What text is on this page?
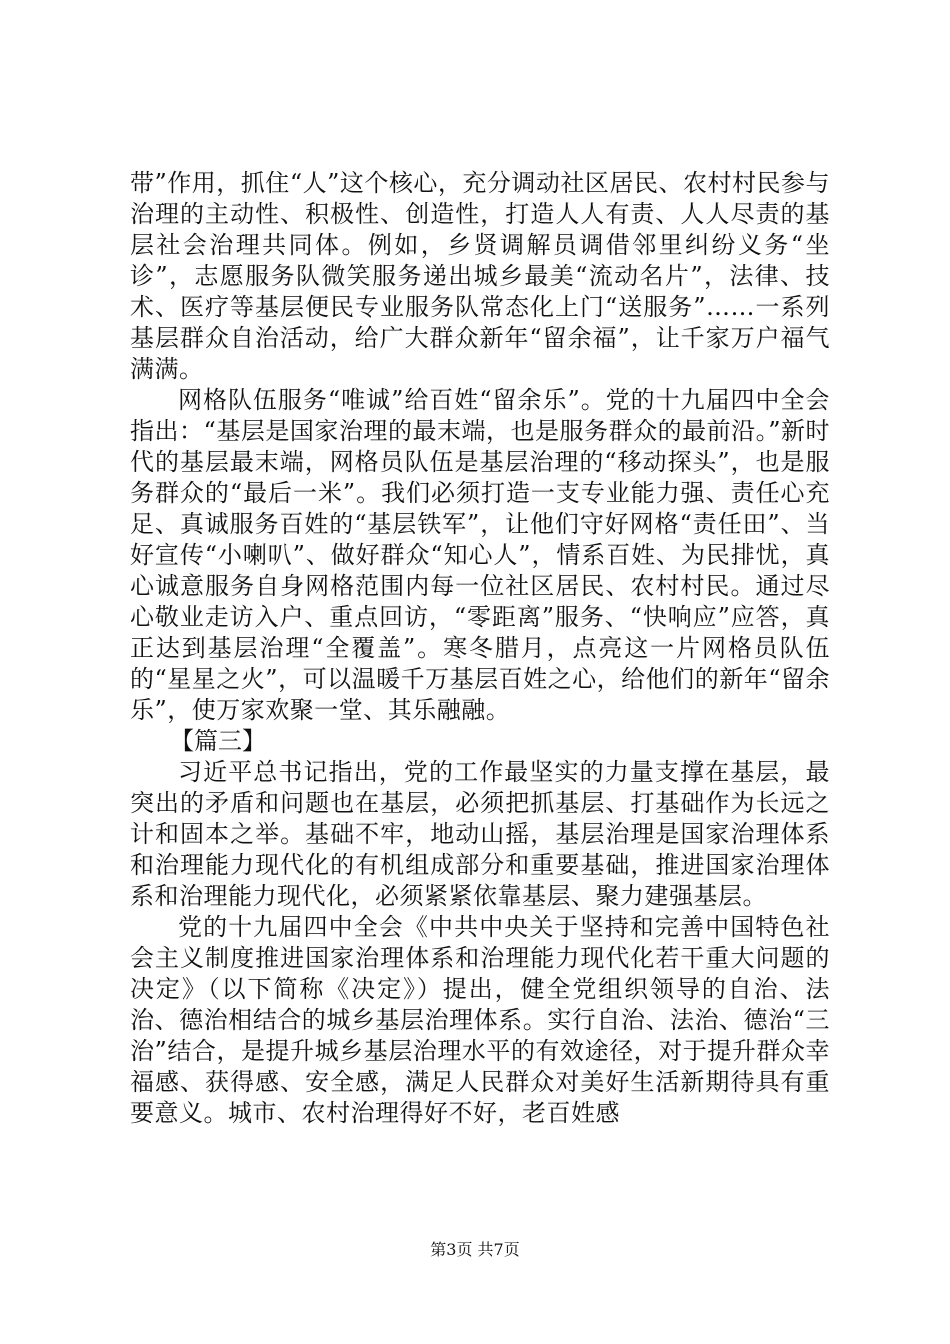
带”作用，抓住“人”这个核心，充分调动社区居民、农村村民参与治理的主动性、积极性、创造性，打造人人有责、人人尽责的基层社会治理共同体。例如，乡贤调解员调借邻里纠纷义务“坐诊”，志愿服务队微笑服务递出城乡最美“流动名片”，法律、技术、医疗等基层便民专业服务队常态化上门“送服务”……一系列基层群众自治活动，给广大群众新年“留余福”，让千家万户福气满满。

网格队伍服务“唯诚”给百姓“留余乐”。党的十九届四中全会指出：“基层是国家治理的最末端，也是服务群众的最前沿。”新时代的基层最末端，网格员队伍是基层治理的“移动探头”，也是服务群众的“最后一米”。我们必须打造一支专业能力强、责任心充足、真诚服务百姓的“基层铁军”，让他们守好网格“责任田”、当好宣传“小喇叭”、做好群众“知心人”，情系百姓、为民排忧，真心诚意服务自身网格范围内每一位社区居民、农村村民。通过尽心敬业走访入户、重点回访，“零距离”服务、“快响应”应答，真正达到基层治理“全覆盖”。寒冬腊月，点亮这一片网格员队伍的“星星之火”，可以温暖千万基层百姓之心，给他们的新年“留余乐”，使万家欢聚一堂、其乐融融。

【篇三】

习近平总书记指出，党的工作最坚实的力量支撑在基层，最突出的矛盾和问题也在基层，必须把抓基层、打基础作为长远之计和固本之举。基础不牢，地动山摇，基层治理是国家治理体系和治理能力现代化的有机组成部分和重要基础，推进国家治理体系和治理能力现代化，必须紧紧依靠基层、聚力建强基层。

党的十九届四中全会《中共中央关于坚持和完善中国特色社会主义制度推进国家治理体系和治理能力现代化若干重大问题的决定》（以下简称《决定》）提出，健全党组织领导的自治、法治、德治相结合的城乡基层治理体系。实行自治、法治、德治“三治”结合，是提升城乡基层治理水平的有效途径，对于提升群众幸福感、获得感、安全感，满足人民群众对美好生活新期待具有重要意义。城市、农村治理得好不好，老百姓感

第3页 共7页
